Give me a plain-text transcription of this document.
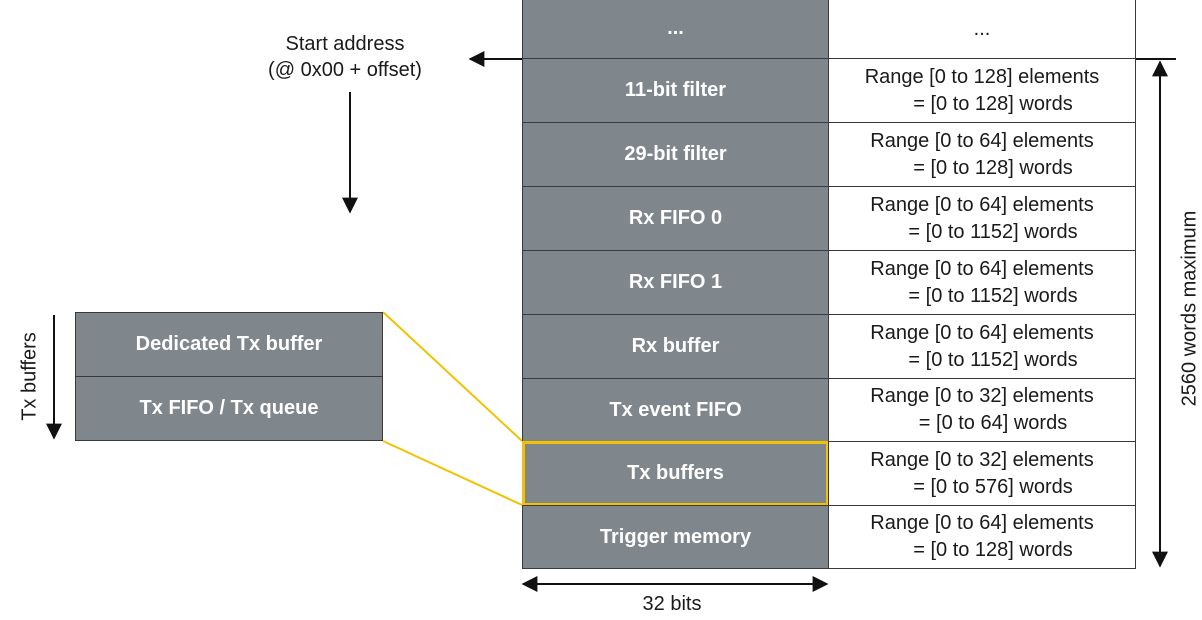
Start address
(@ 0x00 + offset)
...
11-bit filter
29-bit filter
Rx FIFO 0
Rx FIFO 1
Rx buffer
Tx event FIFO
Tx buffers
Trigger memory
...
Range [0 to 128] elements
= [0 to 128] words
Range [0 to 64] elements
= [0 to 128] words
Range [0 to 64] elements
= [0 to 1152] words
Range [0 to 64] elements
= [0 to 1152] words
Range [0 to 64] elements
= [0 to 1152] words
Range [0 to 32] elements
= [0 to 64] words
Range [0 to 32] elements
= [0 to 576] words
Range [0 to 64] elements
= [0 to 128] words
Dedicated Tx buffer
Tx FIFO / Tx queue
Tx buffers	2560 words maximum
32 bits
